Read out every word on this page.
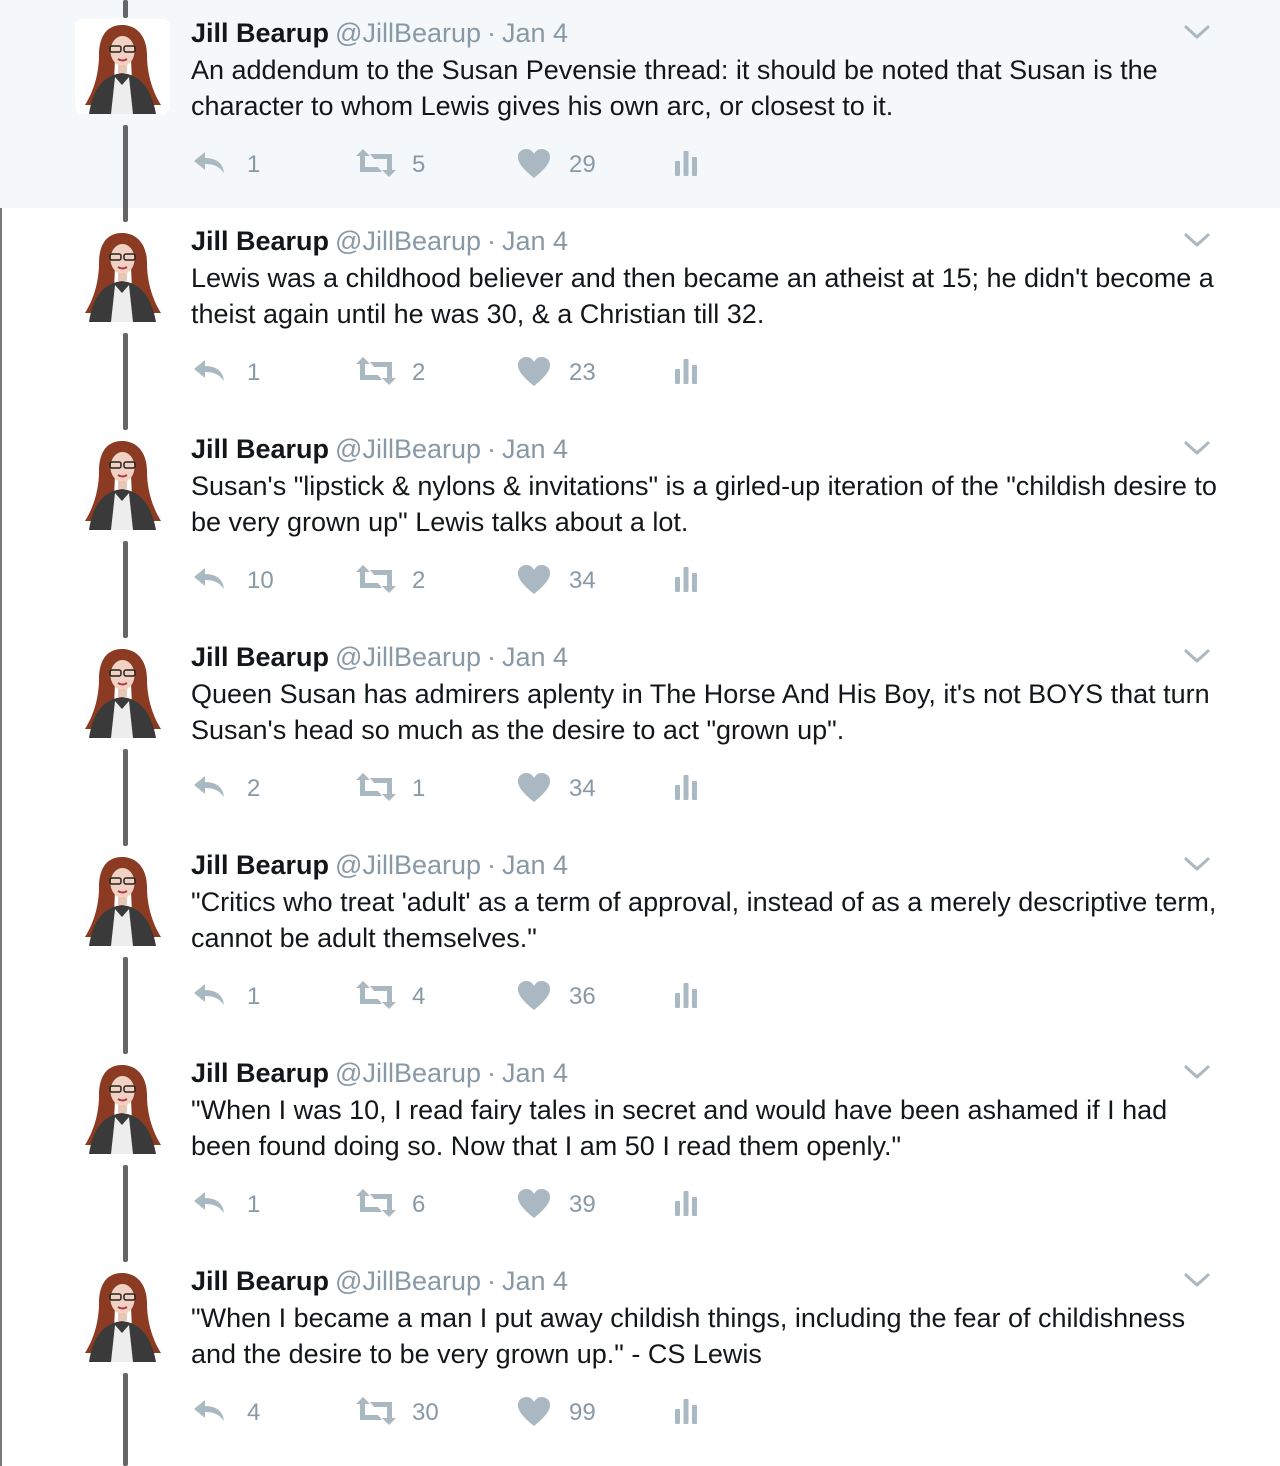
Jill Bearup @JillBearup · Jan 4
An addendum to the Susan Pevensie thread: it should be noted that Susan is the character to whom Lewis gives his own arc, or closest to it.
1	5	29
Jill Bearup @JillBearup · Jan 4
Lewis was a childhood believer and then became an atheist at 15; he didn't become a theist again until he was 30, & a Christian till 32.
1	2	23
Jill Bearup @JillBearup · Jan 4
Susan's "lipstick & nylons & invitations" is a girled-up iteration of the "childish desire to be very grown up" Lewis talks about a lot.
10	2	34
Jill Bearup @JillBearup · Jan 4
Queen Susan has admirers aplenty in The Horse And His Boy, it's not BOYS that turn Susan's head so much as the desire to act "grown up".
2	1	34
Jill Bearup @JillBearup · Jan 4
"Critics who treat 'adult' as a term of approval, instead of as a merely descriptive term, cannot be adult themselves."
1	4	36
Jill Bearup @JillBearup · Jan 4
"When I was 10, I read fairy tales in secret and would have been ashamed if I had been found doing so. Now that I am 50 I read them openly."
1	6	39
Jill Bearup @JillBearup · Jan 4
"When I became a man I put away childish things, including the fear of childishness and the desire to be very grown up." - CS Lewis
4	30	99
